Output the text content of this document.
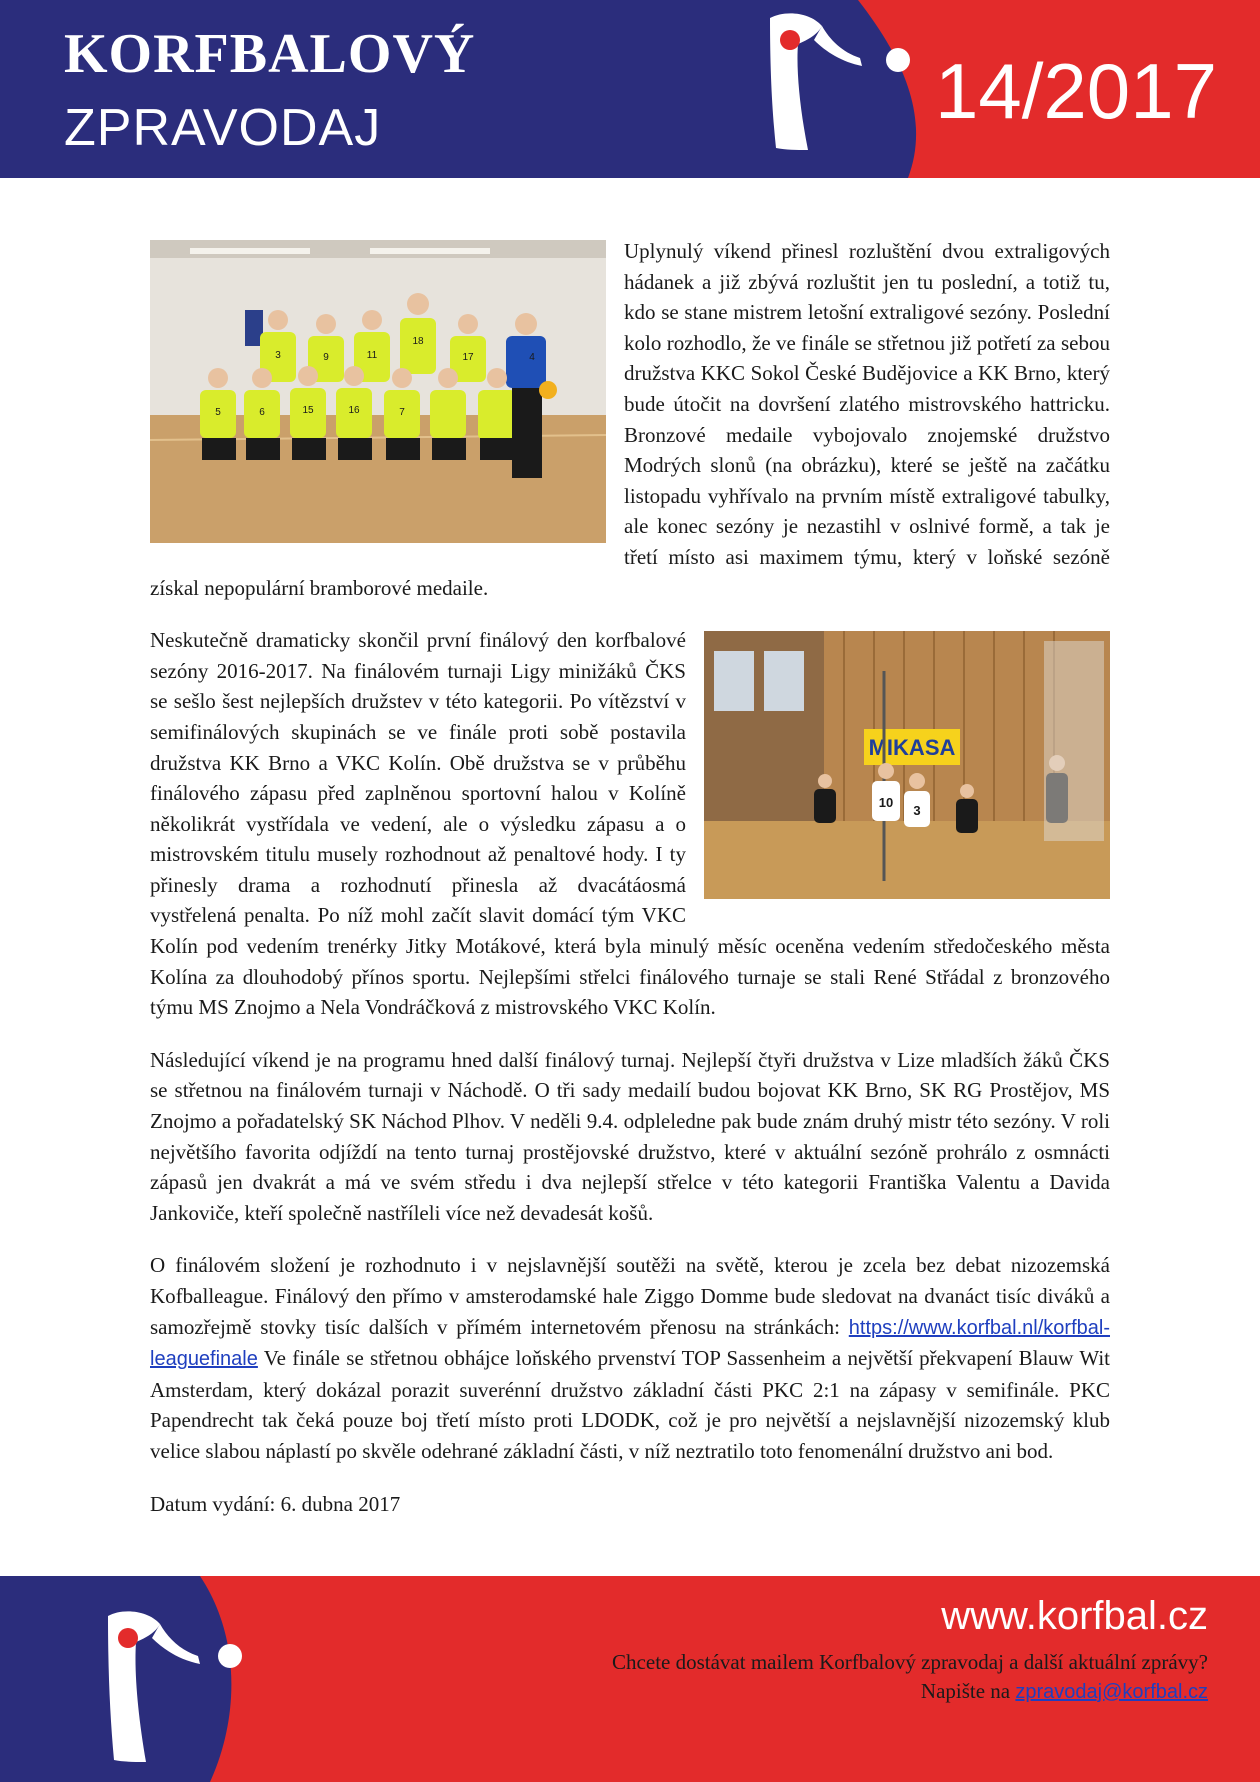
KORFBALOVÝ
ZPRAVODAJ	14/2017
3	9	11
18
17	4
5	6	15	16	7

Uplynulý víkend přinesl rozluštění dvou extraligových hádanek a již zbývá rozluštit jen tu poslední, a totiž tu, kdo se stane mistrem letošní extraligové sezóny. Poslední kolo rozhodlo, že ve finále se střetnou již potřetí za sebou družstva KKC Sokol České Budějovice a KK Brno, který bude útočit na dovršení zlatého mistrovského hattricku. Bronzové medaile vybojovalo znojemské družstvo Modrých slonů (na obrázku), které se ještě na začátku listopadu vyhřívalo na prvním místě extraligové tabulky, ale konec sezóny je nezastihl v oslnivé formě, a tak je třetí místo asi maximem týmu, který v loňské sezóně získal nepopulární bramborové medaile.

MIKASA
10
3

Neskutečně dramaticky skončil první finálový den korfbalové sezóny 2016-2017. Na finálovém turnaji Ligy minižáků ČKS se sešlo šest nejlepších družstev v této kategorii. Po vítězství v semifinálových skupinách se ve finále proti sobě postavila družstva KK Brno a VKC Kolín. Obě družstva se v průběhu finálového zápasu před zaplněnou sportovní halou v Kolíně několikrát vystřídala ve vedení, ale o výsledku zápasu a o mistrovském titulu musely rozhodnout až penaltové hody. I ty přinesly drama a rozhodnutí přinesla až dvacátáosmá vystřelená penalta. Po níž mohl začít slavit domácí tým VKC Kolín pod vedením trenérky Jitky Motákové, která byla minulý měsíc oceněna vedením středočeského města Kolína za dlouhodobý přínos sportu. Nejlepšími střelci finálového turnaje se stali René Střádal z bronzového týmu MS Znojmo a Nela Vondráčková z mistrovského VKC Kolín.

Následující víkend je na programu hned další finálový turnaj. Nejlepší čtyři družstva v Lize mladších žáků ČKS se střetnou na finálovém turnaji v Náchodě. O tři sady medailí budou bojovat KK Brno, SK RG Prostějov, MS Znojmo a pořadatelský SK Náchod Plhov. V neděli 9.4. odpleledne pak bude znám druhý mistr této sezóny. V roli největšího favorita odjíždí na tento turnaj prostějovské družstvo, které v aktuální sezóně prohrálo z osmnácti zápasů jen dvakrát a má ve svém středu i dva nejlepší střelce v této kategorii Františka Valentu a Davida Jankoviče, kteří společně nastříleli více než devadesát košů.

O finálovém složení je rozhodnuto i v nejslavnější soutěži na světě, kterou je zcela bez debat nizozemská Kofballeague. Finálový den přímo v amsterodamské hale Ziggo Domme bude sledovat na dvanáct tisíc diváků a samozřejmě stovky tisíc dalších v přímém internetovém přenosu na stránkách: https://www.korfbal.nl/korfbal-leaguefinale Ve finále se střetnou obhájce loňského prvenství TOP Sassenheim a největší překvapení Blauw Wit Amsterdam, který dokázal porazit suverénní družstvo základní části PKC 2:1 na zápasy v semifinále. PKC Papendrecht tak čeká pouze boj třetí místo proti LDODK, což je pro největší a nejslavnější nizozemský klub velice slabou náplastí po skvěle odehrané základní části, v níž neztratilo toto fenomenální družstvo ani bod.

Datum vydání: 6. dubna 2017

www.korfbal.cz
Chcete dostávat mailem Korfbalový zpravodaj a další aktuální zprávy?
Napište na zpravodaj@korfbal.cz
